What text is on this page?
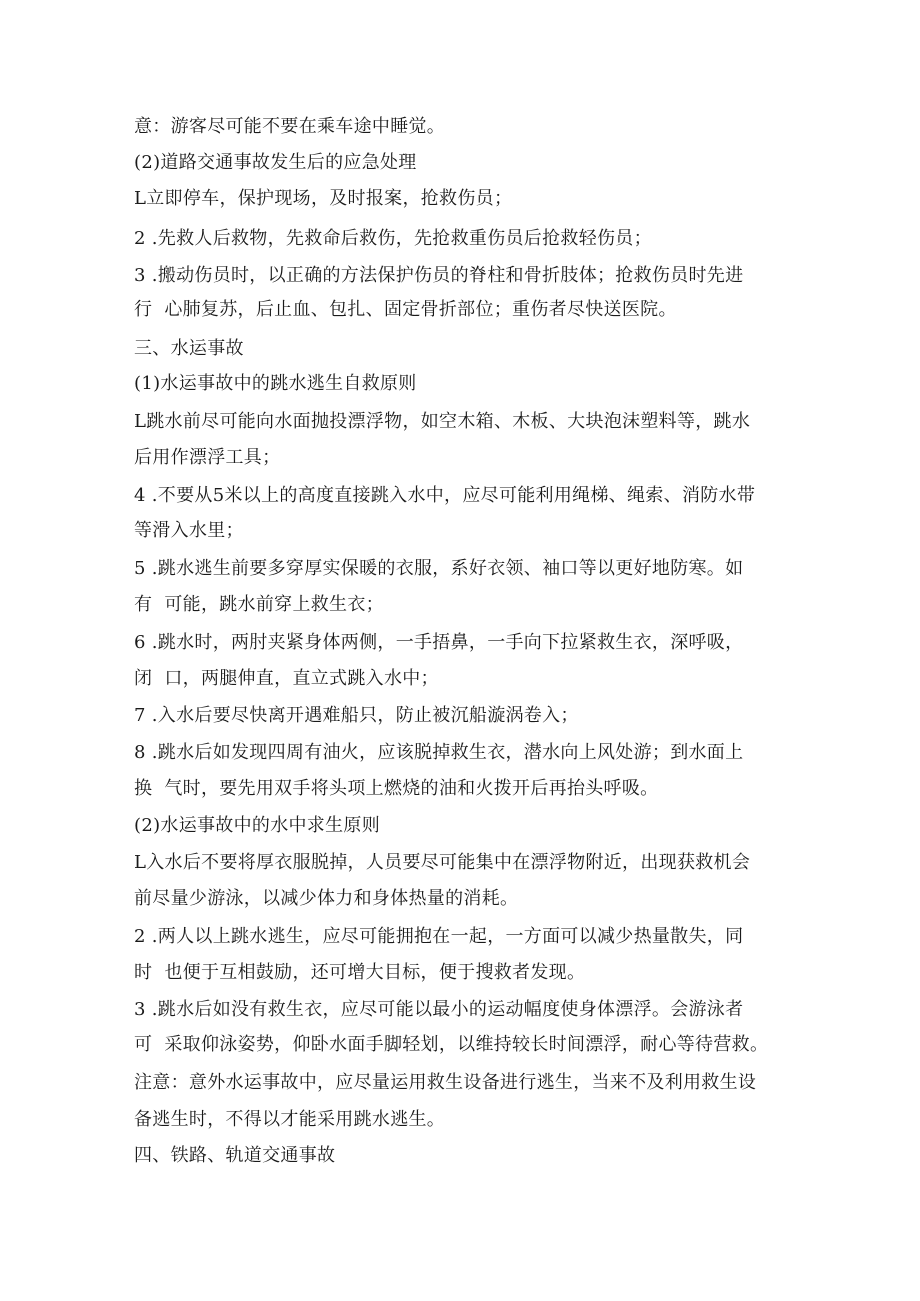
意：游客尽可能不要在乘车途中睡觉。
(2)道路交通事故发生后的应急处理
L立即停车，保护现场，及时报案，抢救伤员；
2 .先救人后救物，先救命后救伤，先抢救重伤员后抢救轻伤员；
3 .搬动伤员时，以正确的方法保护伤员的脊柱和骨折肢体；抢救伤员时先进
行  心肺复苏，后止血、包扎、固定骨折部位；重伤者尽快送医院。
三、水运事故
(1)水运事故中的跳水逃生自救原则
L跳水前尽可能向水面抛投漂浮物，如空木箱、木板、大块泡沫塑料等，跳水
后用作漂浮工具；
4 .不要从5米以上的高度直接跳入水中，应尽可能利用绳梯、绳索、消防水带
等滑入水里；
5 .跳水逃生前要多穿厚实保暖的衣服，系好衣领、袖口等以更好地防寒。如
有  可能，跳水前穿上救生衣；
6 .跳水时，两肘夹紧身体两侧，一手捂鼻，一手向下拉紧救生衣，深呼吸，
闭  口，两腿伸直，直立式跳入水中；
7 .入水后要尽快离开遇难船只，防止被沉船漩涡卷入；
8 .跳水后如发现四周有油火，应该脱掉救生衣，潜水向上风处游；到水面上
换  气时，要先用双手将头项上燃烧的油和火拨开后再抬头呼吸。
(2)水运事故中的水中求生原则
L入水后不要将厚衣服脱掉，人员要尽可能集中在漂浮物附近，出现获救机会
前尽量少游泳，以减少体力和身体热量的消耗。
2 .两人以上跳水逃生，应尽可能拥抱在一起，一方面可以减少热量散失，同
时  也便于互相鼓励，还可增大目标，便于搜救者发现。
3 .跳水后如没有救生衣，应尽可能以最小的运动幅度使身体漂浮。会游泳者
可  采取仰泳姿势，仰卧水面手脚轻划，以维持较长时间漂浮，耐心等待营救。
注意：意外水运事故中，应尽量运用救生设备进行逃生，当来不及利用救生设
备逃生时，不得以才能采用跳水逃生。
四、铁路、轨道交通事故
